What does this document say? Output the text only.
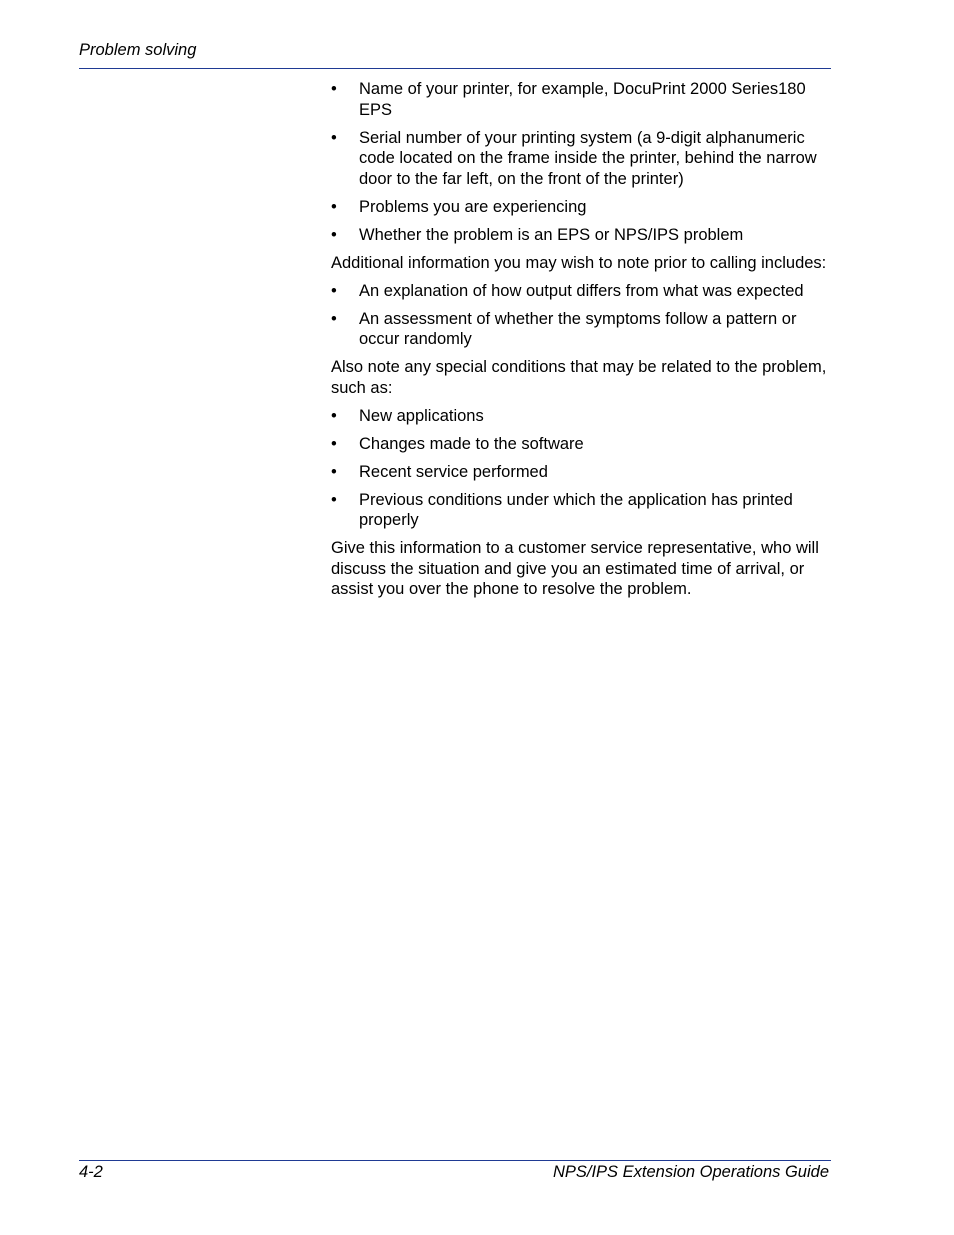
Problem solving
• Name of your printer, for example, DocuPrint 2000 Series180 EPS
• Serial number of your printing system (a 9-digit alphanumeric code located on the frame inside the printer, behind the narrow door to the far left, on the front of the printer)
• Problems you are experiencing
• Whether the problem is an EPS or NPS/IPS problem

Additional information you may wish to note prior to calling includes:

• An explanation of how output differs from what was expected
• An assessment of whether the symptoms follow a pattern or occur randomly

Also note any special conditions that may be related to the problem, such as:

• New applications
• Changes made to the software
• Recent service performed
• Previous conditions under which the application has printed properly

Give this information to a customer service representative, who will discuss the situation and give you an estimated time of arrival, or assist you over the phone to resolve the problem.

4-2	NPS/IPS Extension Operations Guide
